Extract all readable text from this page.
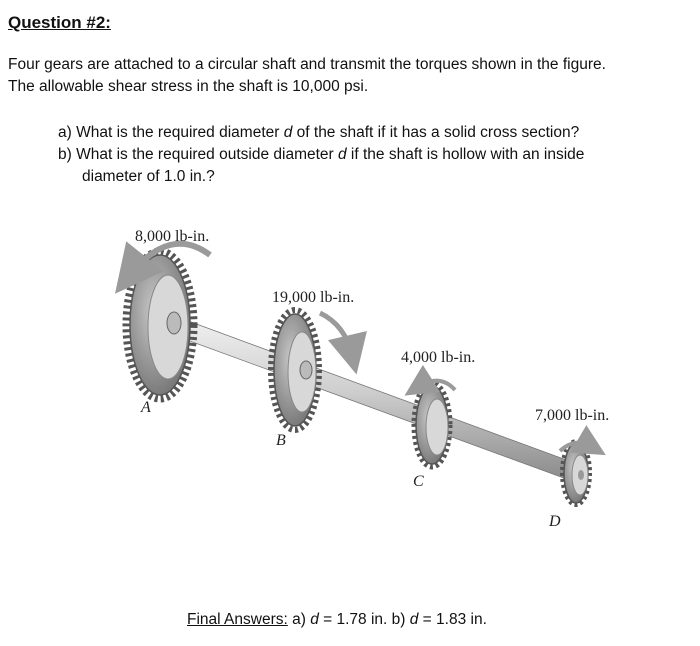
Question #2:
Four gears are attached to a circular shaft and transmit the torques shown in the figure.
The allowable shear stress in the shaft is 10,000 psi.
a) What is the required diameter d of the shaft if it has a solid cross section?
b) What is the required outside diameter d if the shaft is hollow with an inside
diameter of 1.0 in.?
8,000 lb-in.
19,000 lb-in.
4,000 lb-in.
7,000 lb-in.
A
B
C
D
Final Answers: a) d = 1.78 in. b) d = 1.83 in.
